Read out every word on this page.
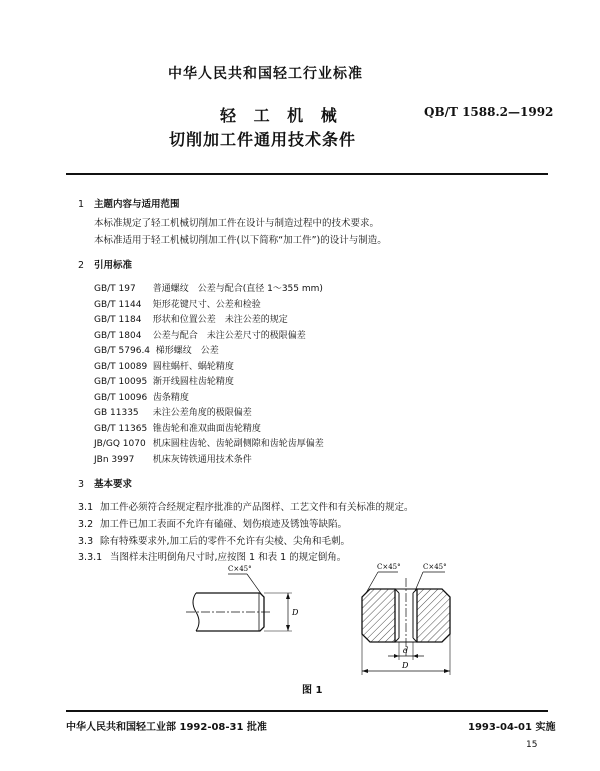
中华人民共和国轻工行业标准
轻 工 机 械
切削加工件通用技术条件
QB/T 1588.2—1992
1 主题内容与适用范围
本标准规定了轻工机械切削加工件在设计与制造过程中的技术要求。
本标准适用于轻工机械切削加工件(以下简称“加工件”)的设计与制造。
2 引用标准
GB/T 197 普通螺纹　公差与配合(直径 1～355 mm)
GB/T 1144 矩形花键尺寸、公差和检验
GB/T 1184 形状和位置公差　未注公差的规定
GB/T 1804 公差与配合　未注公差尺寸的极限偏差
GB/T 5796.4 梯形螺纹　公差
GB/T 10089 圆柱蜗杆、蜗轮精度
GB/T 10095 渐开线圆柱齿轮精度
GB/T 10096 齿条精度
GB 11335 未注公差角度的极限偏差
GB/T 11365 锥齿轮和准双曲面齿轮精度
JB/GQ 1070 机床圆柱齿轮、齿轮副侧隙和齿轮齿厚偏差
JBn 3997 机床灰铸铁通用技术条件
3 基本要求
3.1 加工件必须符合经规定程序批准的产品图样、工艺文件和有关标准的规定。
3.2 加工件已加工表面不允许有磕碰、划伤痕迹及锈蚀等缺陷。
3.3 除有特殊要求外,加工后的零件不允许有尖棱、尖角和毛刺。
3.3.1 当图样未注明倒角尺寸时,应按图 1 和表 1 的规定倒角。
C×45°
D
C×45°	C×45°
d
D
图 1
中华人民共和国轻工业部 1992-08-31 批准	1993-04-01 实施
15
